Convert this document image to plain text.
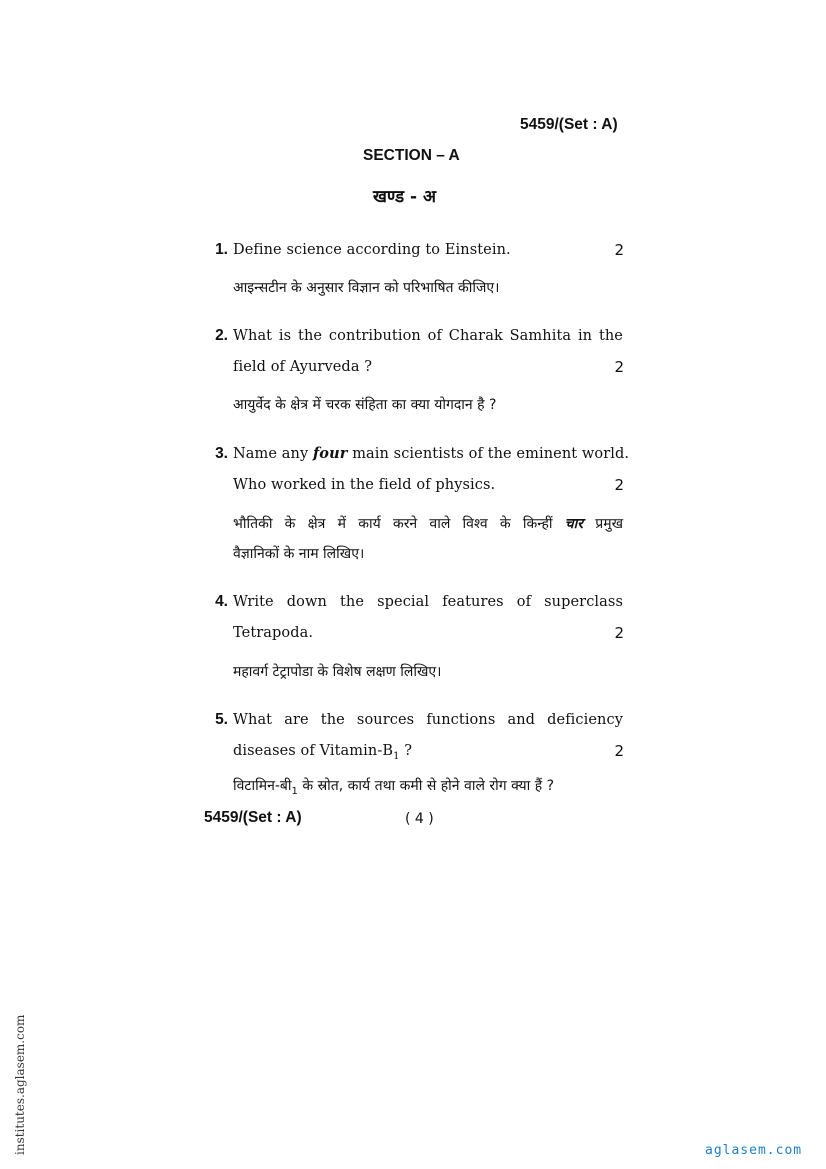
5459/(Set : A)
SECTION – A
खण्ड - अ
1. Define science according to Einstein.	2
आइन्सटीन के अनुसार विज्ञान को परिभाषित कीजिए।
2. What is the contribution of Charak Samhita in the
field of Ayurveda ?	2
आयुर्वेद के क्षेत्र में चरक संहिता का क्या योगदान है ?
3. Name any four main scientists of the eminent world.
Who worked in the field of physics.	2
भौतिकी के क्षेत्र में कार्य करने वाले विश्व के किन्हीं चार प्रमुख
वैज्ञानिकों के नाम लिखिए।
4. Write down the special features of superclass
Tetrapoda.	2
महावर्ग टेट्रापोडा के विशेष लक्षण लिखिए।
5. What are the sources functions and deficiency
diseases of Vitamin-$B_1$ ?	2
$विटामिन-बी_1$ के स्रोत, कार्य तथा कमी से होने वाले रोग क्या हैं ?
5459/(Set : A)	( 4 )
institutes.aglasem.com	aglasem.com
